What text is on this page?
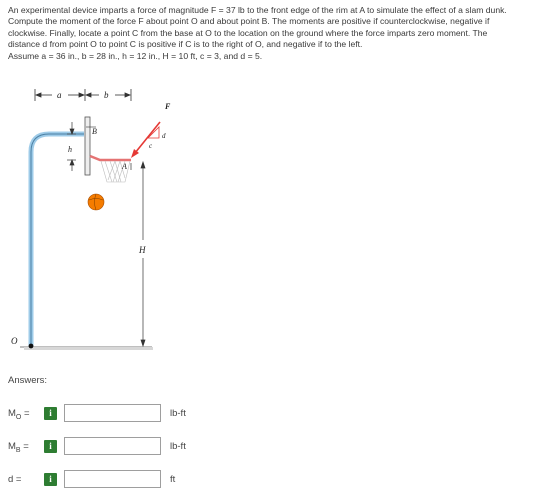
An experimental device imparts a force of magnitude F = 37 lb to the front edge of the rim at A to simulate the effect of a slam dunk.

Compute the moment of the force F about point O and about point B. The moments are positive if counterclockwise, negative if

clockwise. Finally, locate a point C from the base at O to the location on the ground where the force imparts zero moment. The

distance d from point O to point C is positive if C is to the right of O, and negative if to the left.

Assume a = 36 in., b = 28 in., h = 12 in., H = 10 ft, c = 3, and d = 5.

a	b
B
h
F
d
c
A
H
O
Answers:
$M_O$ =	i	lb-ft
$M_B$ =	i	lb-ft
d =	i	ft
